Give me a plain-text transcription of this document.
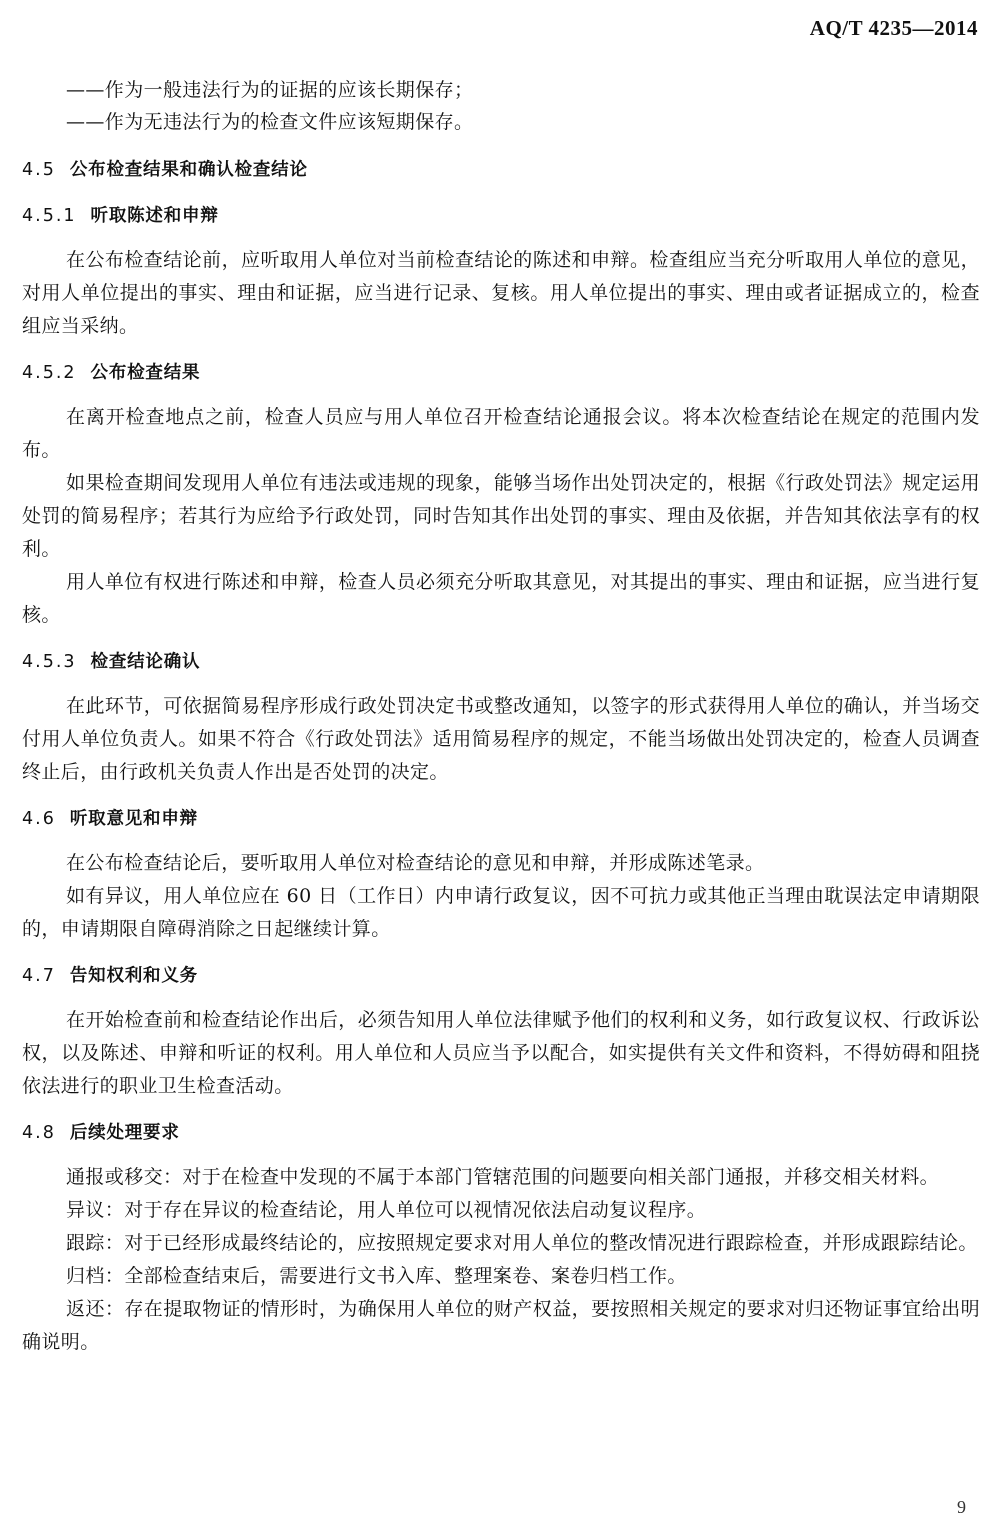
AQ/T 4235—2014

——作为一般违法行为的证据的应该长期保存；

——作为无违法行为的检查文件应该短期保存。

4.5 公布检查结果和确认检查结论
4.5.1 听取陈述和申辩

在公布检查结论前，应听取用人单位对当前检查结论的陈述和申辩。检查组应当充分听取用人单位的意见，对用人单位提出的事实、理由和证据，应当进行记录、复核。用人单位提出的事实、理由或者证据成立的，检查组应当采纳。

4.5.2 公布检查结果

在离开检查地点之前，检查人员应与用人单位召开检查结论通报会议。将本次检查结论在规定的范围内发布。

如果检查期间发现用人单位有违法或违规的现象，能够当场作出处罚决定的，根据《行政处罚法》规定运用处罚的简易程序；若其行为应给予行政处罚，同时告知其作出处罚的事实、理由及依据，并告知其依法享有的权利。

用人单位有权进行陈述和申辩，检查人员必须充分听取其意见，对其提出的事实、理由和证据，应当进行复核。

4.5.3 检查结论确认

在此环节，可依据简易程序形成行政处罚决定书或整改通知，以签字的形式获得用人单位的确认，并当场交付用人单位负责人。如果不符合《行政处罚法》适用简易程序的规定，不能当场做出处罚决定的，检查人员调查终止后，由行政机关负责人作出是否处罚的决定。

4.6 听取意见和申辩

在公布检查结论后，要听取用人单位对检查结论的意见和申辩，并形成陈述笔录。

如有异议，用人单位应在 60 日（工作日）内申请行政复议，因不可抗力或其他正当理由耽误法定申请期限的，申请期限自障碍消除之日起继续计算。

4.7 告知权利和义务

在开始检查前和检查结论作出后，必须告知用人单位法律赋予他们的权利和义务，如行政复议权、行政诉讼权，以及陈述、申辩和听证的权利。用人单位和人员应当予以配合，如实提供有关文件和资料，不得妨碍和阻挠依法进行的职业卫生检查活动。

4.8 后续处理要求

通报或移交：对于在检查中发现的不属于本部门管辖范围的问题要向相关部门通报，并移交相关材料。

异议：对于存在异议的检查结论，用人单位可以视情况依法启动复议程序。

跟踪：对于已经形成最终结论的，应按照规定要求对用人单位的整改情况进行跟踪检查，并形成跟踪结论。

归档：全部检查结束后，需要进行文书入库、整理案卷、案卷归档工作。

返还：存在提取物证的情形时，为确保用人单位的财产权益，要按照相关规定的要求对归还物证事宜给出明确说明。

9
